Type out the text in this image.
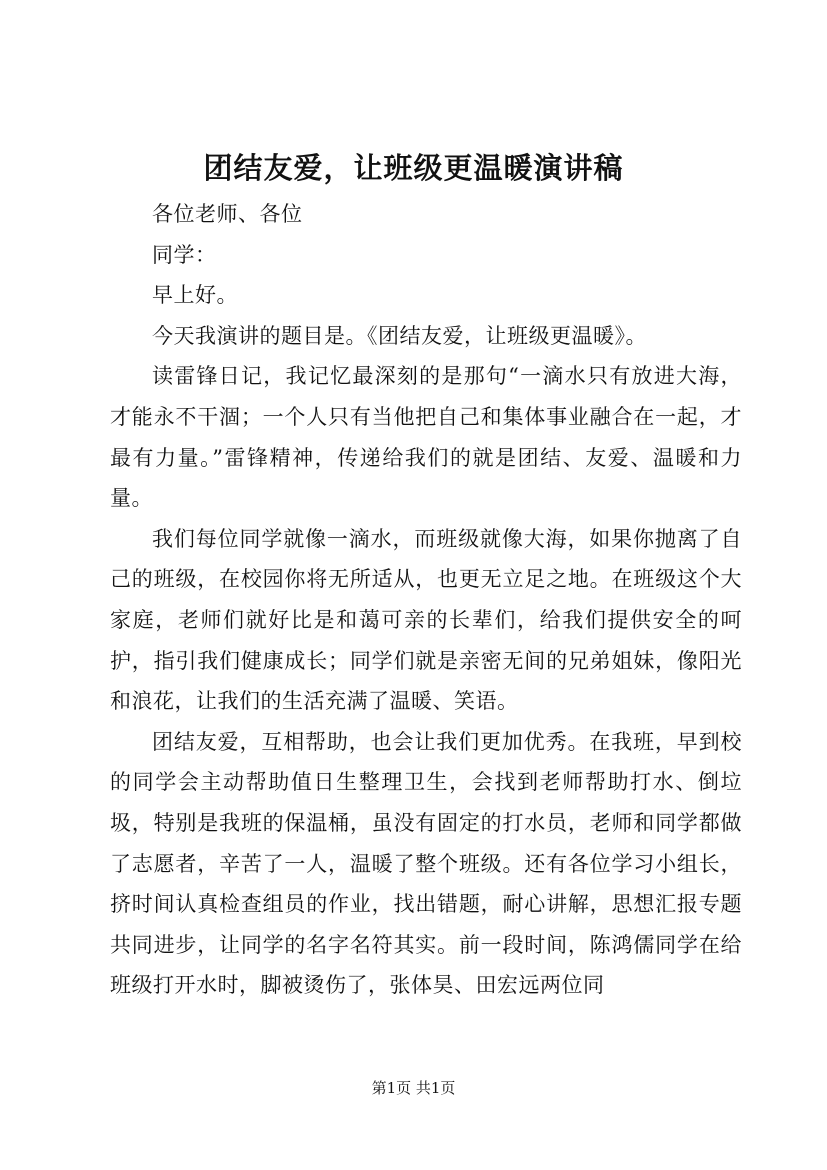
团结友爱，让班级更温暖演讲稿

各位老师、各位

同学：

早上好。

今天我演讲的题目是。《团结友爱，让班级更温暖》。

读雷锋日记，我记忆最深刻的是那句“一滴水只有放进大海，才能永不干涸；一个人只有当他把自己和集体事业融合在一起，才最有力量。”雷锋精神，传递给我们的就是团结、友爱、温暖和力量。

我们每位同学就像一滴水，而班级就像大海，如果你抛离了自己的班级，在校园你将无所适从，也更无立足之地。在班级这个大家庭，老师们就好比是和蔼可亲的长辈们，给我们提供安全的呵护，指引我们健康成长；同学们就是亲密无间的兄弟姐妹，像阳光和浪花，让我们的生活充满了温暖、笑语。

团结友爱，互相帮助，也会让我们更加优秀。在我班，早到校的同学会主动帮助值日生整理卫生，会找到老师帮助打水、倒垃圾，特别是我班的保温桶，虽没有固定的打水员，老师和同学都做了志愿者，辛苦了一人，温暖了整个班级。还有各位学习小组长，挤时间认真检查组员的作业，找出错题，耐心讲解，思想汇报专题共同进步，让同学的名字名符其实。前一段时间，陈鸿儒同学在给班级打开水时，脚被烫伤了，张体昊、田宏远两位同

第1页 共1页
